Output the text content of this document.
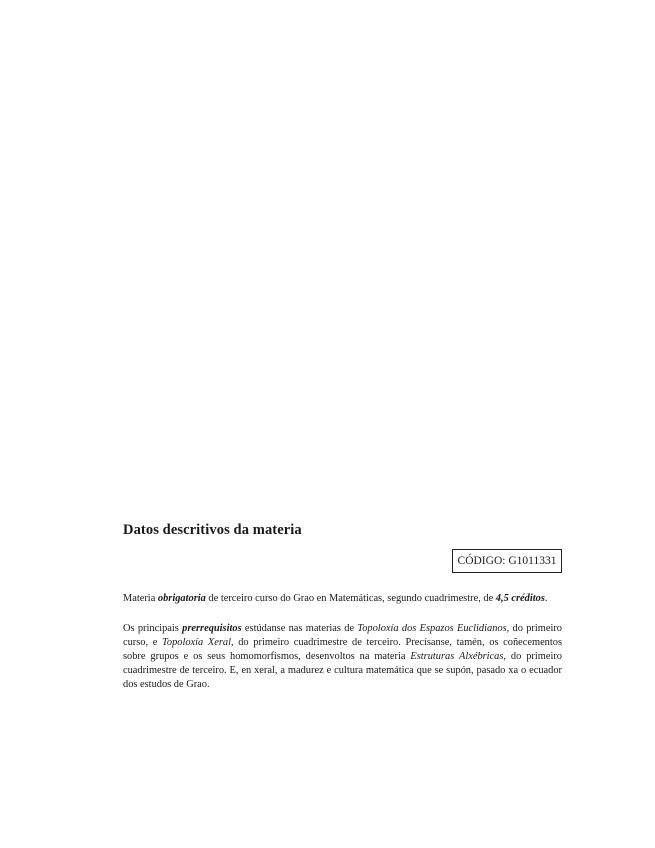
Datos descritivos da materia
CÓDIGO: G1011331

Materia obrigatoria de terceiro curso do Grao en Matemáticas, segundo cuadrimestre, de 4,5 créditos.

Os principais prerrequisitos estúdanse nas materias de Topoloxía dos Espazos Euclidianos, do primeiro curso, e Topoloxía Xeral, do primeiro cuadrimestre de terceiro. Precísanse, tamén, os coñecementos sobre grupos e os seus homomorfismos, desenvoltos na materia Estruturas Alxébricas, do primeiro cuadrimestre de terceiro. E, en xeral, a madurez e cultura matemática que se supón, pasado xa o ecuador dos estudos de Grao.
